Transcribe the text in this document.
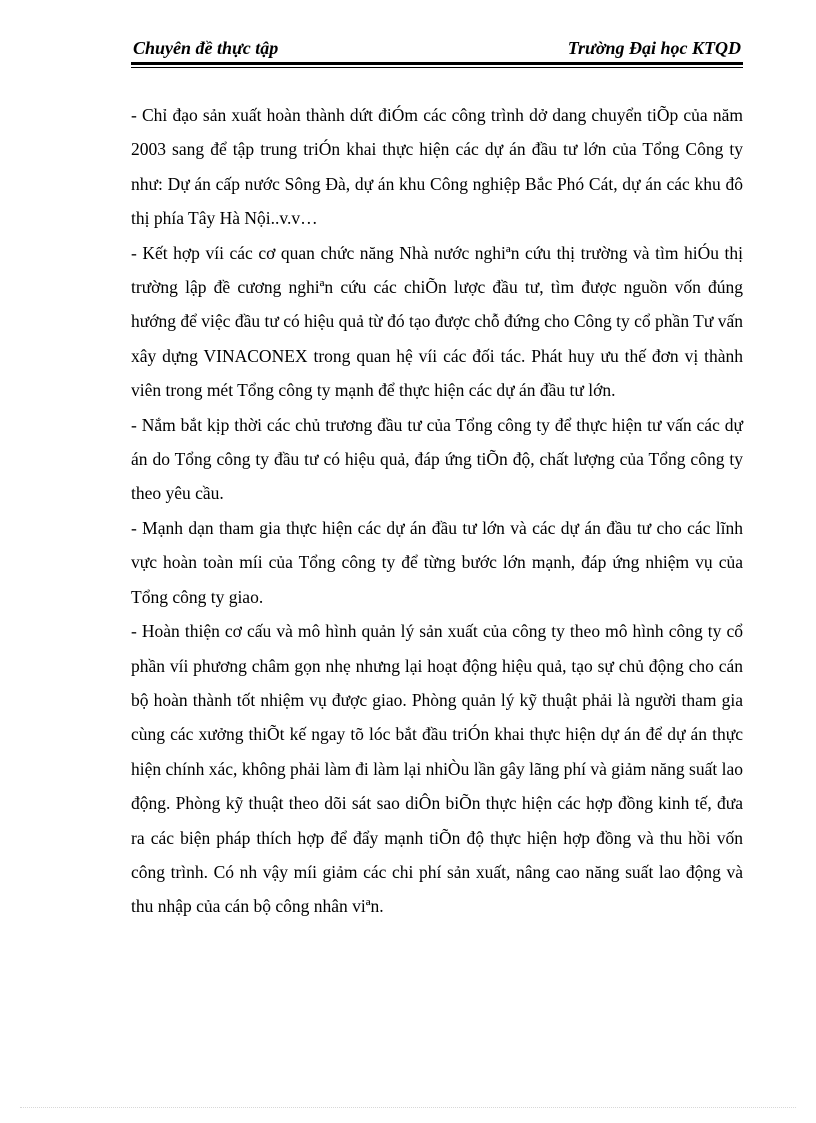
Chuyên đề thực tập	Trường Đại học KTQD

- Chỉ đạo sản xuất hoàn thành dứt điÓm các công trình dở dang chuyển tiÕp của năm 2003 sang để tập trung triÓn khai thực hiện các dự án đầu tư lớn của Tổng Công ty như: Dự án cấp nước Sông Đà, dự án khu Công nghiệp Bắc Phó Cát, dự án các khu đô thị phía Tây Hà Nội..v.v…

- Kết hợp víi các cơ quan chức năng Nhà nước nghiªn cứu thị trường và tìm hiÓu thị trường lập đề cương nghiªn cứu các chiÕn lược đầu tư, tìm được nguồn vốn đúng hướng để việc đầu tư có hiệu quả từ đó tạo được chỗ đứng cho Công ty cổ phần Tư vấn xây dựng VINACONEX trong quan hệ víi các đối tác. Phát huy ưu thế đơn vị thành viên trong mét Tổng công ty mạnh để thực hiện các dự án đầu tư lớn.

- Nắm bắt kịp thời các chủ trương đầu tư của Tổng công ty để thực hiện tư vấn các dự án do Tổng công ty đầu tư có hiệu quả, đáp ứng tiÕn độ, chất lượng của Tổng công ty theo yêu cầu.

- Mạnh dạn tham gia thực hiện các dự án đầu tư lớn và các dự án đầu tư cho các lĩnh vực hoàn toàn míi của Tổng công ty để từng bước lớn mạnh, đáp ứng nhiệm vụ của Tổng công ty giao.

- Hoàn thiện cơ cấu và mô hình quản lý sản xuất của công ty theo mô hình công ty cổ phần víi phương châm gọn nhẹ nhưng lại hoạt động hiệu quả, tạo sự chủ động cho cán bộ hoàn thành tốt nhiệm vụ được giao. Phòng quản lý kỹ thuật phải là người tham gia cùng các xưởng thiÕt kế ngay tõ lóc bắt đầu triÓn khai thực hiện dự án để dự án thực hiện chính xác, không phải làm đi làm lại nhiÒu lần gây lãng phí và giảm năng suất lao động. Phòng kỹ thuật theo dõi sát sao diÔn biÕn thực hiện các hợp đồng kinh tế, đưa ra các biện pháp thích hợp để đẩy mạnh tiÕn độ thực hiện hợp đồng và thu hồi vốn công trình. Có nh vậy míi giảm các chi phí sản xuất, nâng cao năng suất lao động và thu nhập của cán bộ công nhân viªn.
